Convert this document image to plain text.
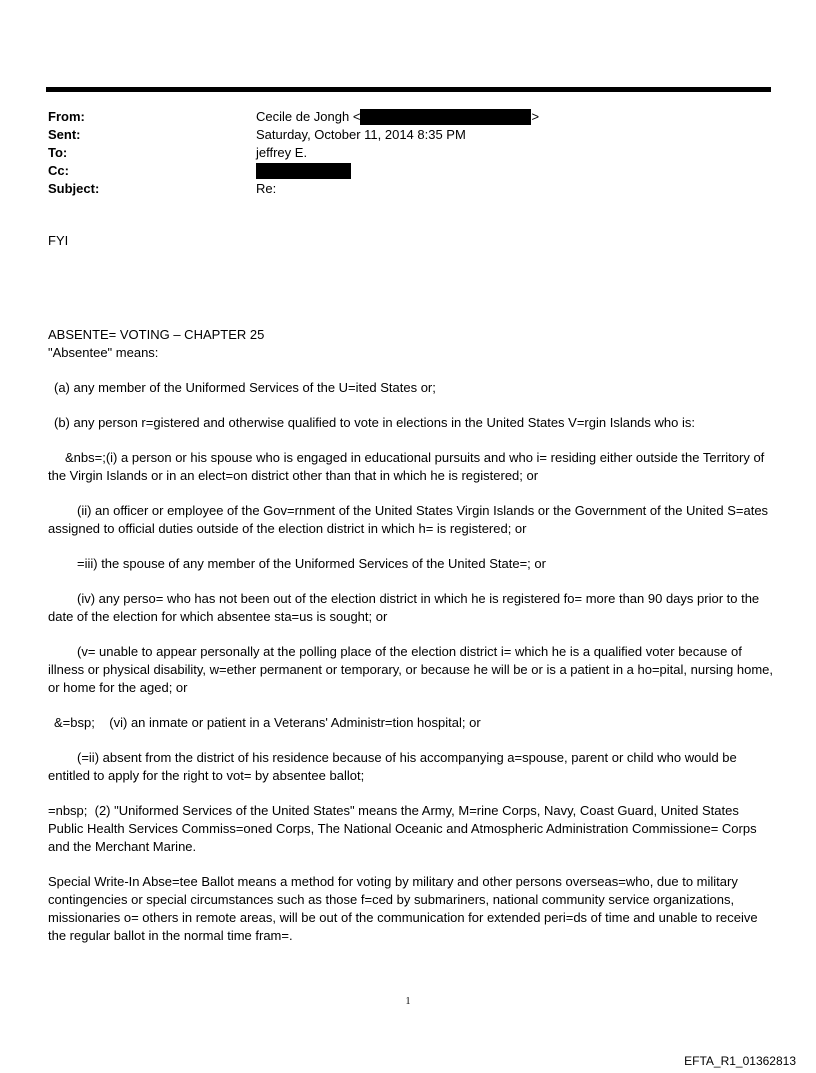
From:	Cecile de Jongh <	>
Sent:	Saturday, October 11, 2014 8:35 PM
To:	jeffrey E.
Cc:
Subject:	Re:

FYI

ABSENTE= VOTING – CHAPTER 25

"Absentee" means:

(a) any member of the Uniformed Services of the U=ited States or;

(b) any person r=gistered and otherwise qualified to vote in elections in the United States V=rgin Islands who is:

&nbs=;(i) a person or his spouse who is engaged in educational pursuits and who i= residing either outside the Territory of the Virgin Islands or in an elect=on district other than that in which he is registered; or

(ii) an officer or employee of the Gov=rnment of the United States Virgin Islands or the Government of the United S=ates assigned to official duties outside of the election district in which h= is registered; or

=iii) the spouse of any member of the Uniformed Services of the United State=; or

(iv) any perso= who has not been out of the election district in which he is registered fo= more than 90 days prior to the date of the election for which absentee sta=us is sought; or

(v= unable to appear personally at the polling place of the election district i= which he is a qualified voter because of illness or physical disability, w=ether permanent or temporary, or because he will be or is a patient in a ho=pital, nursing home, or home for the aged; or

&=bsp;    (vi) an inmate or patient in a Veterans' Administr=tion hospital; or

(=ii) absent from the district of his residence because of his accompanying a=spouse, parent or child who would be entitled to apply for the right to vot= by absentee ballot;

=nbsp;  (2) "Uniformed Services of the United States" means the Army, M=rine Corps, Navy, Coast Guard, United States Public Health Services Commiss=oned Corps, The National Oceanic and Atmospheric Administration Commissione= Corps and the Merchant Marine.

Special Write-In Abse=tee Ballot means a method for voting by military and other persons overseas=who, due to military contingencies or special circumstances such as those f=ced by submariners, national community service organizations, missionaries o= others in remote areas, will be out of the communication for extended peri=ds of time and unable to receive the regular ballot in the normal time fram=.

1
EFTA_R1_01362813
